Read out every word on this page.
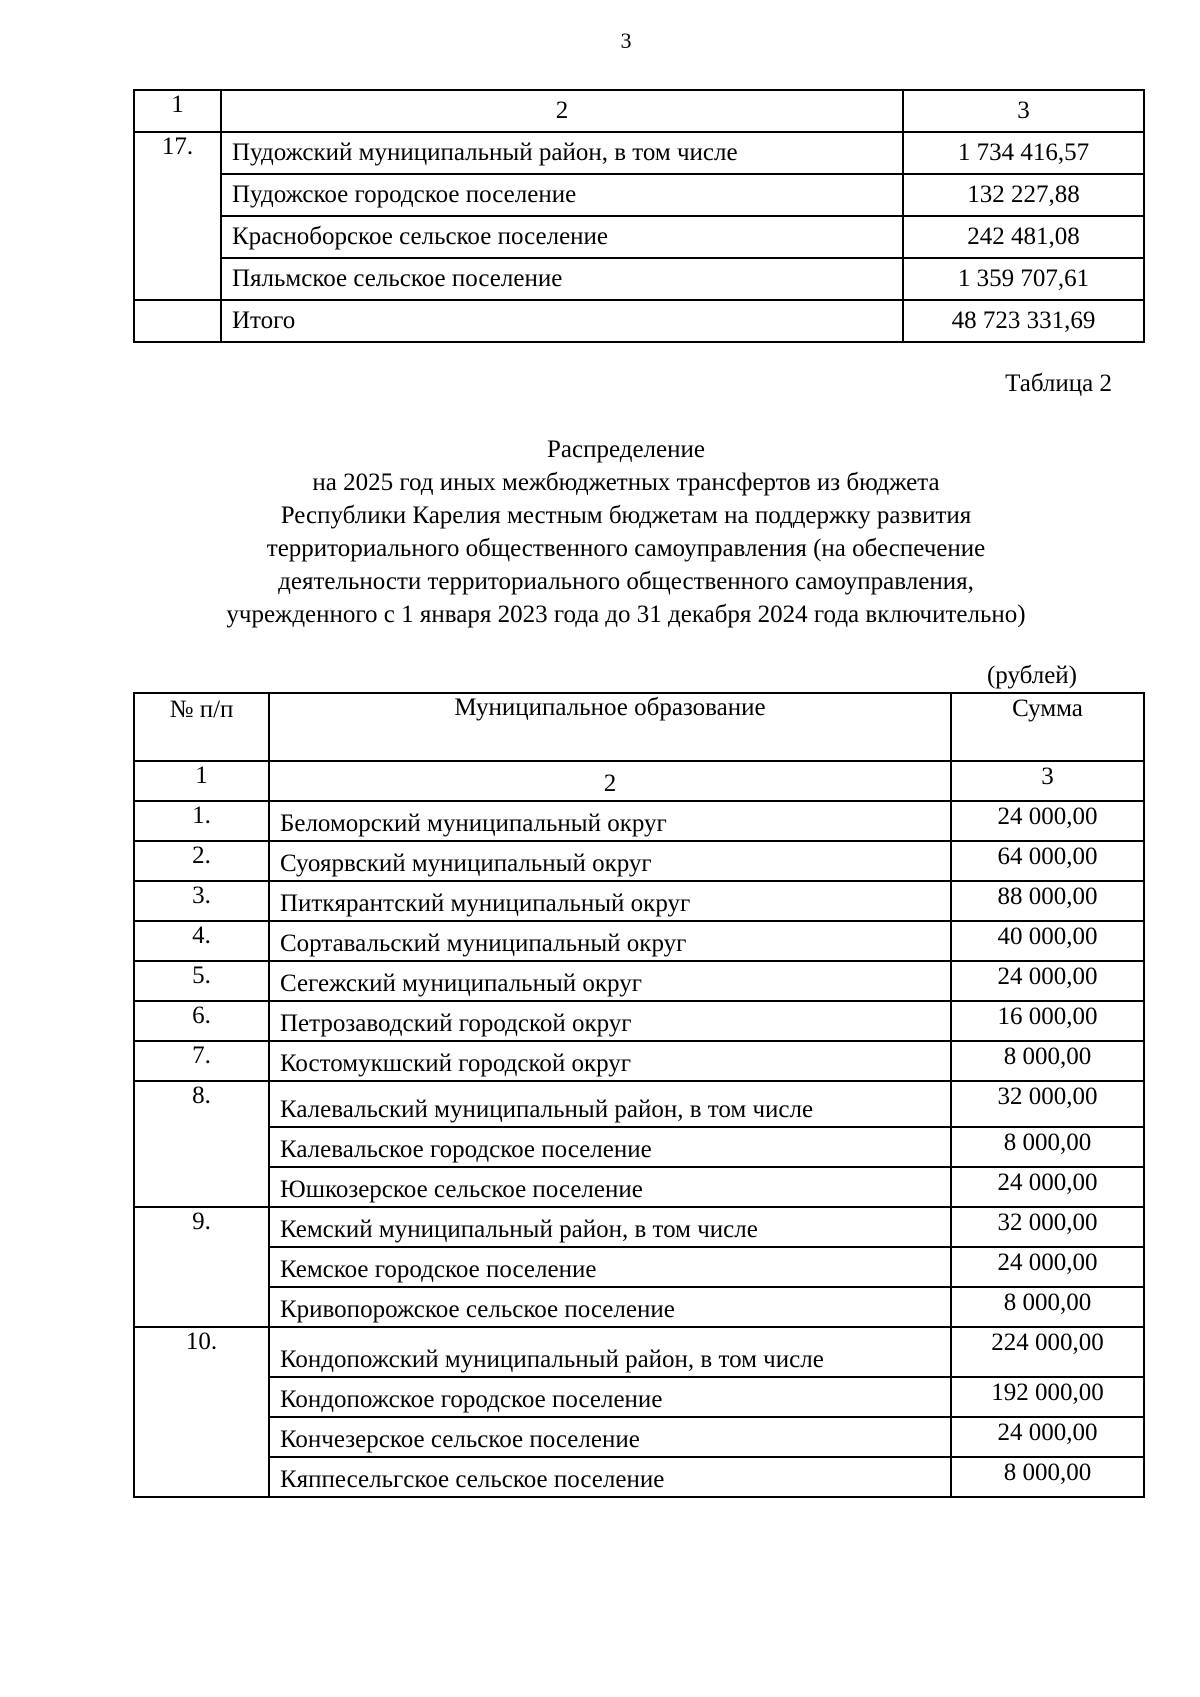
3
1	2	3
17.	Пудожский муниципальный район, в том числе	1 734 416,57
	Пудожское городское поселение	132 227,88
	Красноборское сельское поселение	242 481,08
	Пяльмское сельское поселение	1 359 707,61
	Итого	48 723 331,69
Таблица 2
Распределение
на 2025 год иных межбюджетных трансфертов из бюджета
Республики Карелия местным бюджетам на поддержку развития
территориального общественного самоуправления (на обеспечение
деятельности территориального общественного самоуправления,
учрежденного с 1 января 2023 года до 31 декабря 2024 года включительно)
(рублей)
№ п/п	Муниципальное образование	Сумма
1	2	3
1.	Беломорский муниципальный округ	24 000,00
2.	Суоярвский муниципальный округ	64 000,00
3.	Питкярантский муниципальный округ	88 000,00
4.	Сортавальский муниципальный округ	40 000,00
5.	Сегежский муниципальный округ	24 000,00
6.	Петрозаводский городской округ	16 000,00
7.	Костомукшский городской округ	8 000,00
8.	Калевальский муниципальный район, в том числе	32 000,00
	Калевальское городское поселение	8 000,00
	Юшкозерское сельское поселение	24 000,00
9.	Кемский муниципальный район, в том числе	32 000,00
	Кемское городское поселение	24 000,00
	Кривопорожское сельское поселение	8 000,00
10.	Кондопожский муниципальный район, в том числе	224 000,00
	Кондопожское городское поселение	192 000,00
	Кончезерское сельское поселение	24 000,00
	Кяппесельгское сельское поселение	8 000,00
